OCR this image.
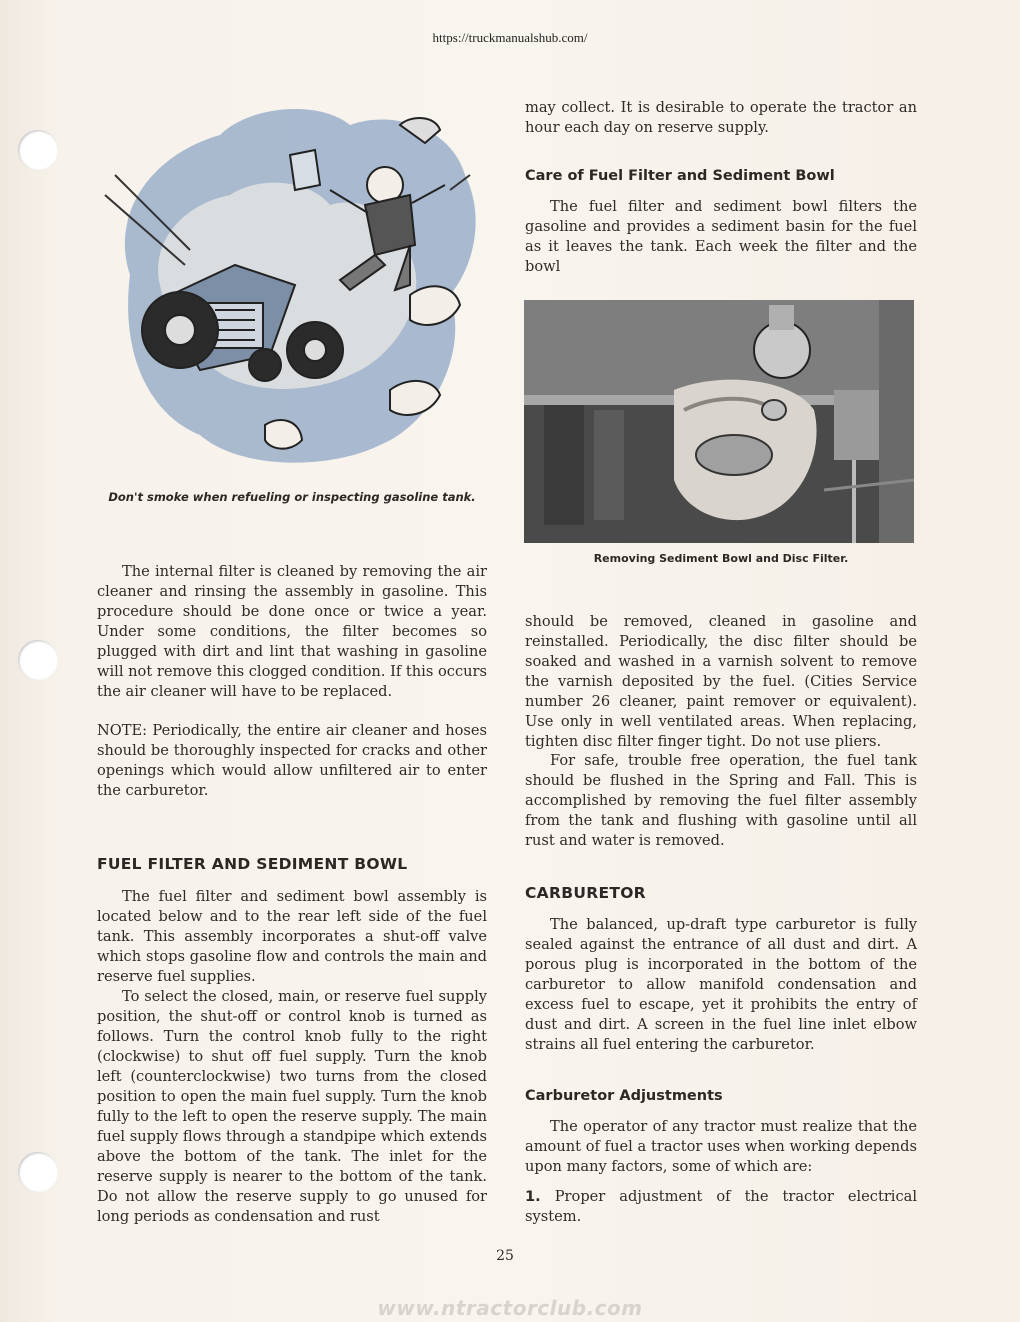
https://truckmanualshub.com/
Don't smoke when refueling or inspecting gasoline tank.
Removing Sediment Bowl and Disc Filter.

The internal filter is cleaned by removing the air cleaner and rinsing the assembly in gasoline. This procedure should be done once or twice a year. Under some conditions, the filter becomes so plugged with dirt and lint that washing in gasoline will not remove this clogged condition. If this occurs the air cleaner will have to be replaced.

NOTE: Periodically, the entire air cleaner and hoses should be thoroughly inspected for cracks and other openings which would allow unfiltered air to enter the carburetor.

FUEL FILTER AND SEDIMENT BOWL

The fuel filter and sediment bowl assembly is located below and to the rear left side of the fuel tank. This assembly incorporates a shut-off valve which stops gasoline flow and controls the main and reserve fuel supplies.

To select the closed, main, or reserve fuel supply position, the shut-off or control knob is turned as follows. Turn the control knob fully to the right (clockwise) to shut off fuel supply. Turn the knob left (counterclockwise) two turns from the closed position to open the main fuel supply. Turn the knob fully to the left to open the reserve supply. The main fuel supply flows through a standpipe which extends above the bottom of the tank. The inlet for the reserve supply is nearer to the bottom of the tank. Do not allow the reserve supply to go unused for long periods as condensation and rust

may collect. It is desirable to operate the tractor an hour each day on reserve supply.

Care of Fuel Filter and Sediment Bowl

The fuel filter and sediment bowl filters the gasoline and provides a sediment basin for the fuel as it leaves the tank. Each week the filter and the bowl

should be removed, cleaned in gasoline and reinstalled. Periodically, the disc filter should be soaked and washed in a varnish solvent to remove the varnish deposited by the fuel. (Cities Service number 26 cleaner, paint remover or equivalent). Use only in well ventilated areas. When replacing, tighten disc filter finger tight. Do not use pliers.

For safe, trouble free operation, the fuel tank should be flushed in the Spring and Fall. This is accomplished by removing the fuel filter assembly from the tank and flushing with gasoline until all rust and water is removed.

CARBURETOR

The balanced, up-draft type carburetor is fully sealed against the entrance of all dust and dirt. A porous plug is incorporated in the bottom of the carburetor to allow manifold condensation and excess fuel to escape, yet it prohibits the entry of dust and dirt. A screen in the fuel line inlet elbow strains all fuel entering the carburetor.

Carburetor Adjustments

The operator of any tractor must realize that the amount of fuel a tractor uses when working depends upon many factors, some of which are:

1. Proper adjustment of the tractor electrical system.

25
www.ntractorclub.com
